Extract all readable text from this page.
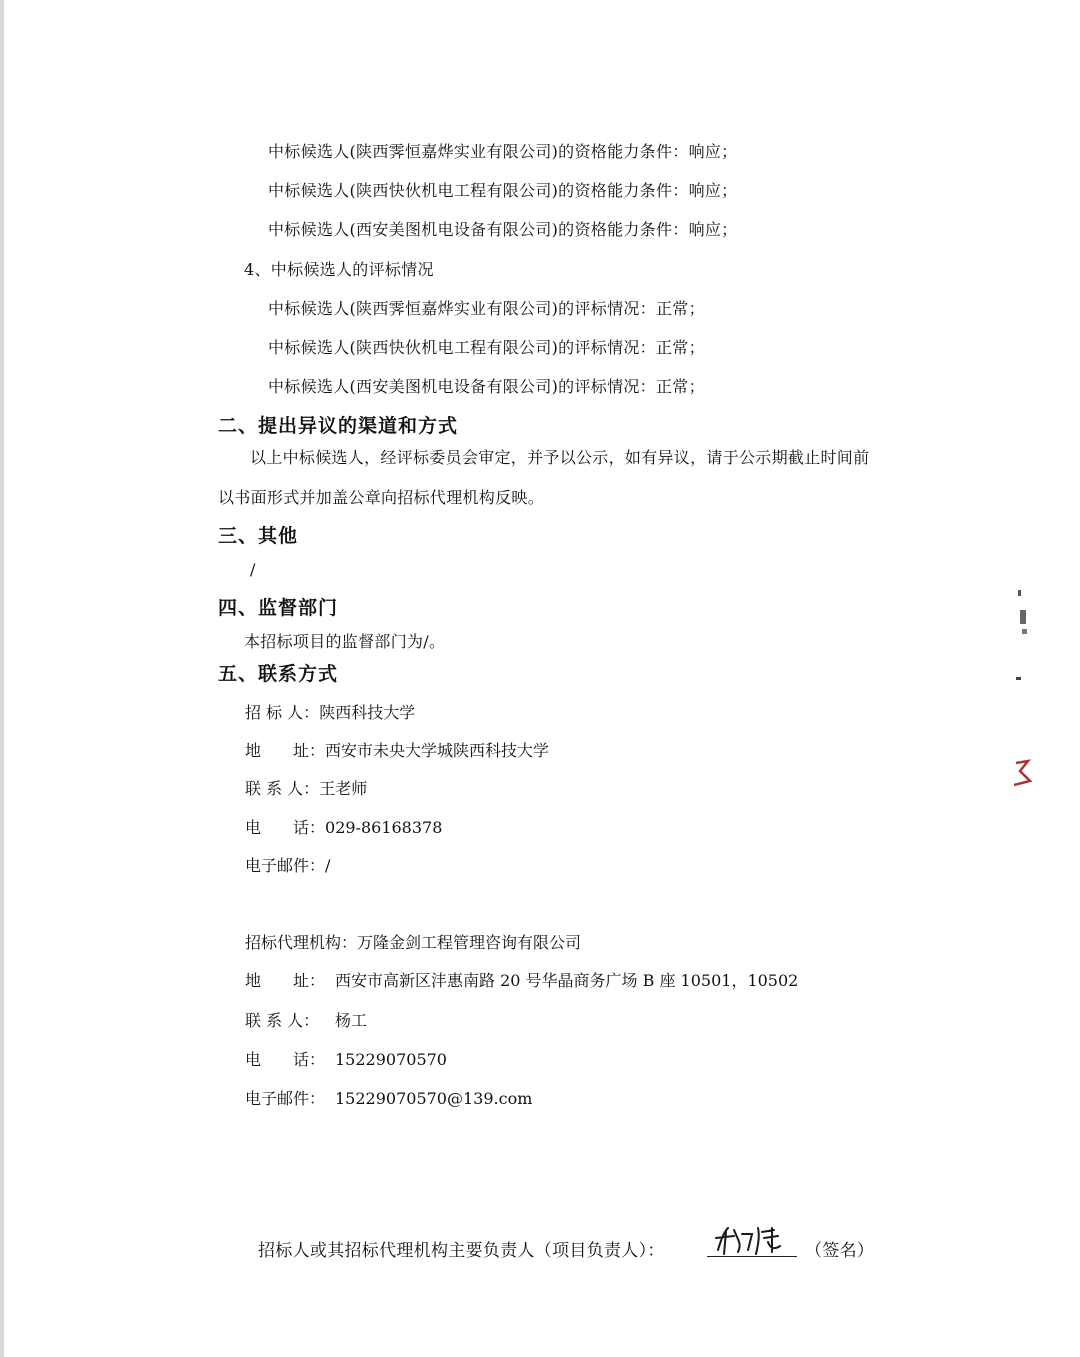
中标候选人(陕西霁恒嘉烨实业有限公司)的资格能力条件：响应；
中标候选人(陕西快伙机电工程有限公司)的资格能力条件：响应；
中标候选人(西安美图机电设备有限公司)的资格能力条件：响应；
4、中标候选人的评标情况
中标候选人(陕西霁恒嘉烨实业有限公司)的评标情况：正常；
中标候选人(陕西快伙机电工程有限公司)的评标情况：正常；
中标候选人(西安美图机电设备有限公司)的评标情况：正常；
二、提出异议的渠道和方式
以上中标候选人，经评标委员会审定，并予以公示，如有异议，请于公示期截止时间前
以书面形式并加盖公章向招标代理机构反映。
三、其他
/
四、监督部门
本招标项目的监督部门为/。
五、联系方式
招 标 人：陕西科技大学
地　　址：西安市未央大学城陕西科技大学
联 系 人：王老师
电　　话：029-86168378
电子邮件：/
招标代理机构：万隆金剑工程管理咨询有限公司
地　　址： 西安市高新区沣惠南路 20 号华晶商务广场 B 座 10501，10502
联 系 人： 杨工
电　　话： 15229070570
电子邮件： 15229070570@139.com
招标人或其招标代理机构主要负责人（项目负责人）：	（签名）
